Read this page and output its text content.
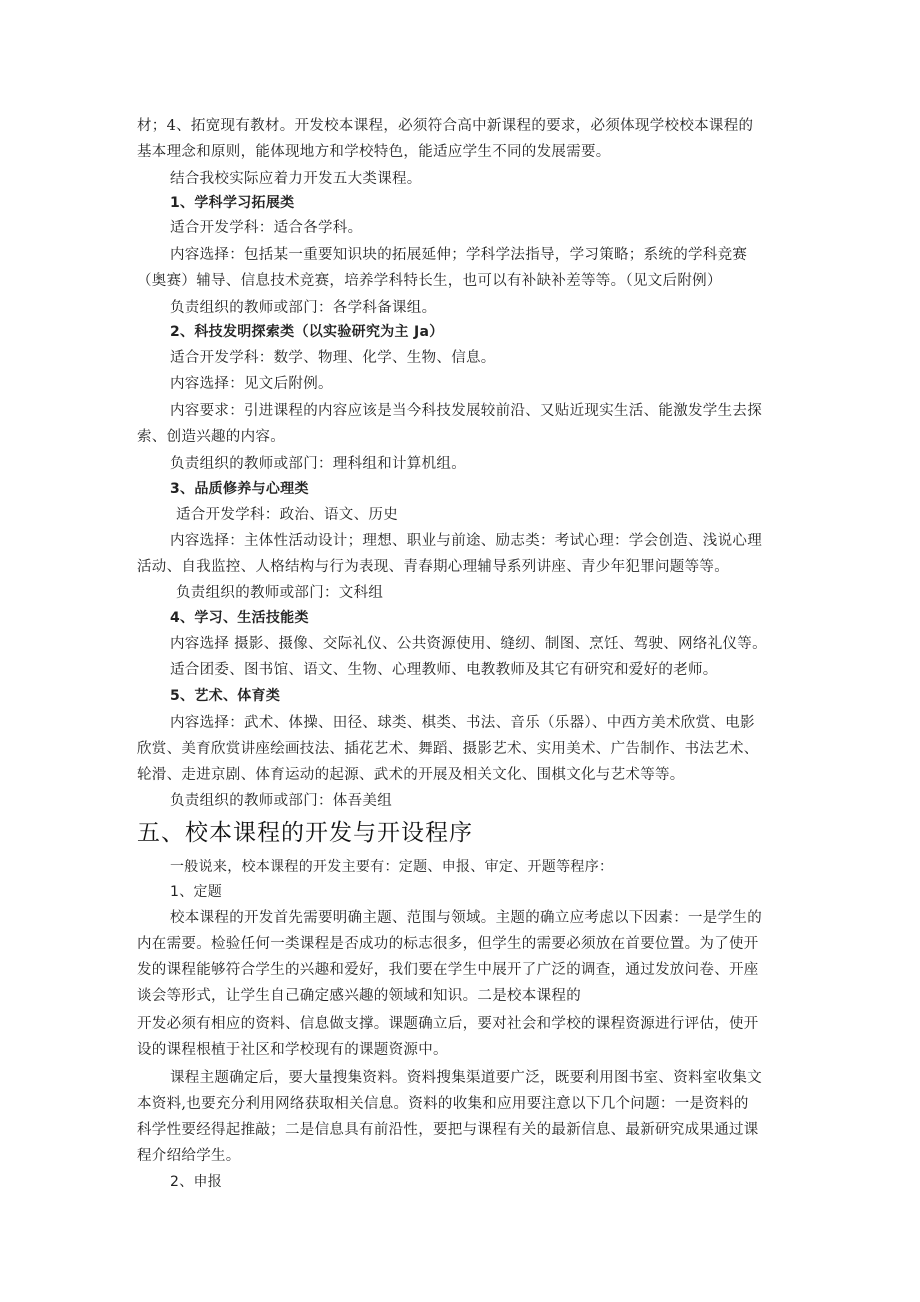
材；4、拓宽现有教材。开发校本课程，必须符合高中新课程的要求，必须体现学校校本课程的
基本理念和原则，能体现地方和学校特色，能适应学生不同的发展需要。
结合我校实际应着力开发五大类课程。
1、学科学习拓展类
适合开发学科：适合各学科。
内容选择：包括某一重要知识块的拓展延伸；学科学法指导，学习策略；系统的学科竞赛
（奥赛）辅导、信息技术竞赛，培养学科特长生，也可以有补缺补差等等。（见文后附例）
负责组织的教师或部门：各学科备课组。
2、科技发明探索类（以实验研究为主 Ja）
适合开发学科：数学、物理、化学、生物、信息。
内容选择：见文后附例。
内容要求：引进课程的内容应该是当今科技发展较前沿、又贴近现实生活、能激发学生去探
索、创造兴趣的内容。
负责组织的教师或部门：理科组和计算机组。
3、品质修养与心理类
适合开发学科：政治、语文、历史
内容选择：主体性活动设计；理想、职业与前途、励志类：考试心理：学会创造、浅说心理
活动、自我监控、人格结构与行为表现、青春期心理辅导系列讲座、青少年犯罪问题等等。
负责组织的教师或部门：文科组
4、学习、生活技能类
内容选择 摄影、摄像、交际礼仪、公共资源使用、缝纫、制图、烹饪、驾驶、网络礼仪等。
适合团委、图书馆、语文、生物、心理教师、电教教师及其它有研究和爱好的老师。
5、艺术、体育类
内容选择：武术、体操、田径、球类、棋类、书法、音乐（乐器）、中西方美术欣赏、电影
欣赏、美育欣赏讲座绘画技法、插花艺术、舞蹈、摄影艺术、实用美术、广告制作、书法艺术、
轮滑、走进京剧、体育运动的起源、武术的开展及相关文化、围棋文化与艺术等等。
负责组织的教师或部门：体吾美组
五、校本课程的开发与开设程序
一般说来，校本课程的开发主要有：定题、申报、审定、开题等程序：
1、定题
校本课程的开发首先需要明确主题、范围与领域。主题的确立应考虑以下因素：一是学生的
内在需要。检验任何一类课程是否成功的标志很多，但学生的需要必须放在首要位置。为了使开
发的课程能够符合学生的兴趣和爱好，我们要在学生中展开了广泛的调查，通过发放问卷、开座
谈会等形式，让学生自己确定感兴趣的领域和知识。二是校本课程的
开发必须有相应的资料、信息做支撑。课题确立后，要对社会和学校的课程资源进行评估，使开
设的课程根植于社区和学校现有的课题资源中。
课程主题确定后，要大量搜集资料。资料搜集渠道要广泛，既要利用图书室、资料室收集文
本资料,也要充分利用网络获取相关信息。资料的收集和应用要注意以下几个问题：一是资料的
科学性要经得起推敲；二是信息具有前沿性，要把与课程有关的最新信息、最新研究成果通过课
程介绍给学生。
2、申报
